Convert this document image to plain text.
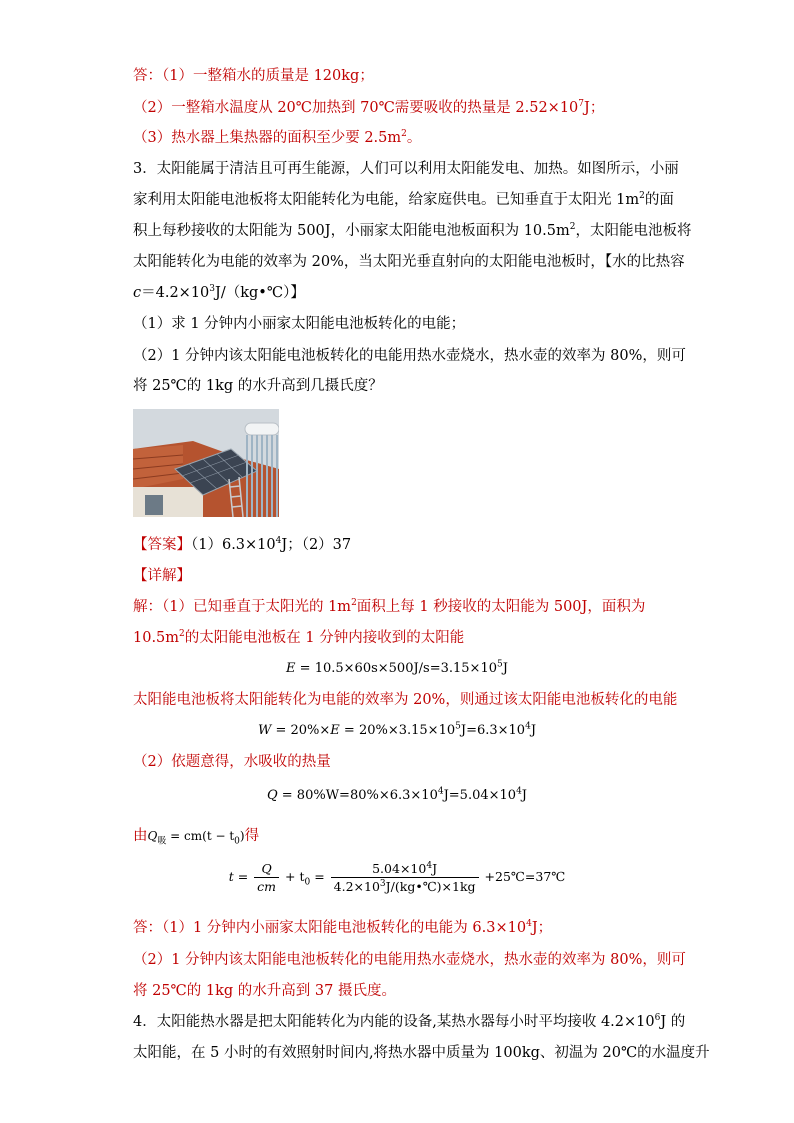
答：（1）一整箱水的质量是 120kg；
（2）一整箱水温度从 20℃加热到 70℃需要吸收的热量是 $2.52\times 10^7J$；
（3）热水器上集热器的面积至少要 $2.5m^2$。
3．太阳能属于清洁且可再生能源，人们可以利用太阳能发电、加热。如图所示，小丽
家利用太阳能电池板将太阳能转化为电能，给家庭供电。已知垂直于太阳光 $1m^2$的面
积上每秒接收的太阳能为 500J，小丽家太阳能电池板面积为 $10.5m^2$，太阳能电池板将
太阳能转化为电能的效率为 20%，当太阳光垂直射向的太阳能电池板时，【水的比热容
$c=4.2\times 10^3J/(kg•℃)$】
（1）求 1 分钟内小丽家太阳能电池板转化的电能；
（2）1 分钟内该太阳能电池板转化的电能用热水壶烧水，热水壶的效率为 80%，则可
将 25℃的 1kg 的水升高到几摄氏度？
【答案】$(1)6.3\times 10^4J$；（2）37
【详解】
解：（1）已知垂直于太阳光的 $1m^2$面积上每 1 秒接收的太阳能为 500J，面积为
$10.5m^2$的太阳能电池板在 1 分钟内接收到的太阳能
$E = 10.5\times 60s\times 500J/s=3.15\times 10^5J$
太阳能电池板将太阳能转化为电能的效率为 20%，则通过该太阳能电池板转化的电能
$W = 20\%\times E = 20\%\times 3.15\times 10^5J=6.3\times 10^4J$
（2）依题意得，水吸收的热量
$Q = 80\%W=80\%\times 6.3\times 10^4J=5.04\times 10^4J$
由$Q_吸 = cm(t - t_0)$得
$t = \frac{Q}{cm} + t_0 = \frac{5.04\times 10^4J}{4.2\times 10^3J/(kg•℃)\times 1kg}$ +25℃=37℃
答：（1）1 分钟内小丽家太阳能电池板转化的电能为 $6.3\times 10^4J$；
（2）1 分钟内该太阳能电池板转化的电能用热水壶烧水，热水壶的效率为 80%，则可
将 25℃的 1kg 的水升高到 37 摄氏度。
4．太阳能热水器是把太阳能转化为内能的设备,某热水器每小时平均接收 $4.2\times 10^6J$ 的
太阳能，在 5 小时的有效照射时间内,将热水器中质量为 100kg、初温为 20℃的水温度升
